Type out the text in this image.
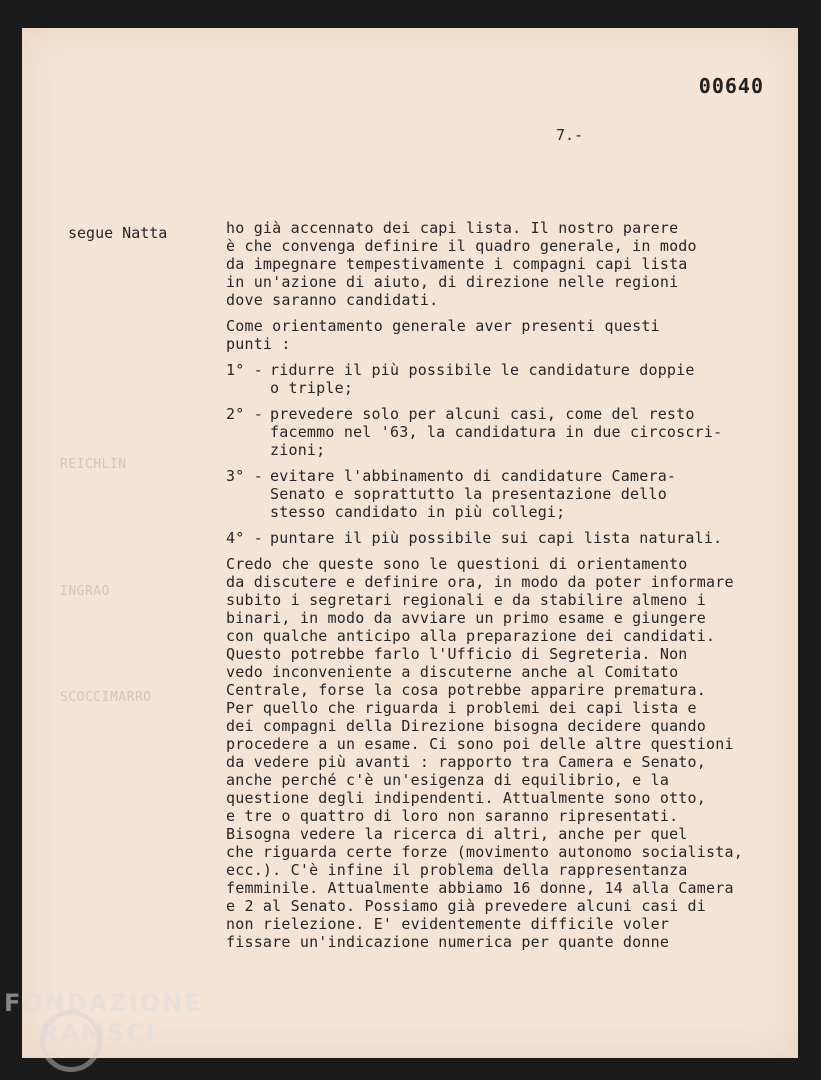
00640
7.-
REICHLIN
INGRAO
SCOCCIMARRO
segue Natta	ho già accennato dei capi lista. Il nostro parere
è che convenga definire il quadro generale, in modo
da impegnare tempestivamente i compagni capi lista
in un'azione di aiuto, di direzione nelle regioni
dove saranno candidati.

Come orientamento generale aver presenti questi
punti :

1° - ridurre il più possibile le candidature doppie
o triple;
2° - prevedere solo per alcuni casi, come del resto
facemmo nel '63, la candidatura in due circoscri-
zioni;
3° - evitare l'abbinamento di candidature Camera-
Senato e soprattutto la presentazione dello
stesso candidato in più collegi;
4° - puntare il più possibile sui capi lista naturali.

Credo che queste sono le questioni di orientamento
da discutere e definire ora, in modo da poter informare
subito i segretari regionali e da stabilire almeno i
binari, in modo da avviare un primo esame e giungere
con qualche anticipo alla preparazione dei candidati.
Questo potrebbe farlo l'Ufficio di Segreteria. Non
vedo inconveniente a discuterne anche al Comitato
Centrale, forse la cosa potrebbe apparire prematura.
Per quello che riguarda i problemi dei capi lista e
dei compagni della Direzione bisogna decidere quando
procedere a un esame. Ci sono poi delle altre questioni
da vedere più avanti : rapporto tra Camera e Senato,
anche perché c'è un'esigenza di equilibrio, e la
questione degli indipendenti. Attualmente sono otto,
e tre o quattro di loro non saranno ripresentati.
Bisogna vedere la ricerca di altri, anche per quel
che riguarda certe forze (movimento autonomo socialista,
ecc.). C'è infine il problema della rappresentanza
femminile. Attualmente abbiamo 16 donne, 14 alla Camera
e 2 al Senato. Possiamo già prevedere alcuni casi di
non rielezione. E' evidentemente difficile voler
fissare un'indicazione numerica per quante donne

FONDAZIONE
RAMSCI
